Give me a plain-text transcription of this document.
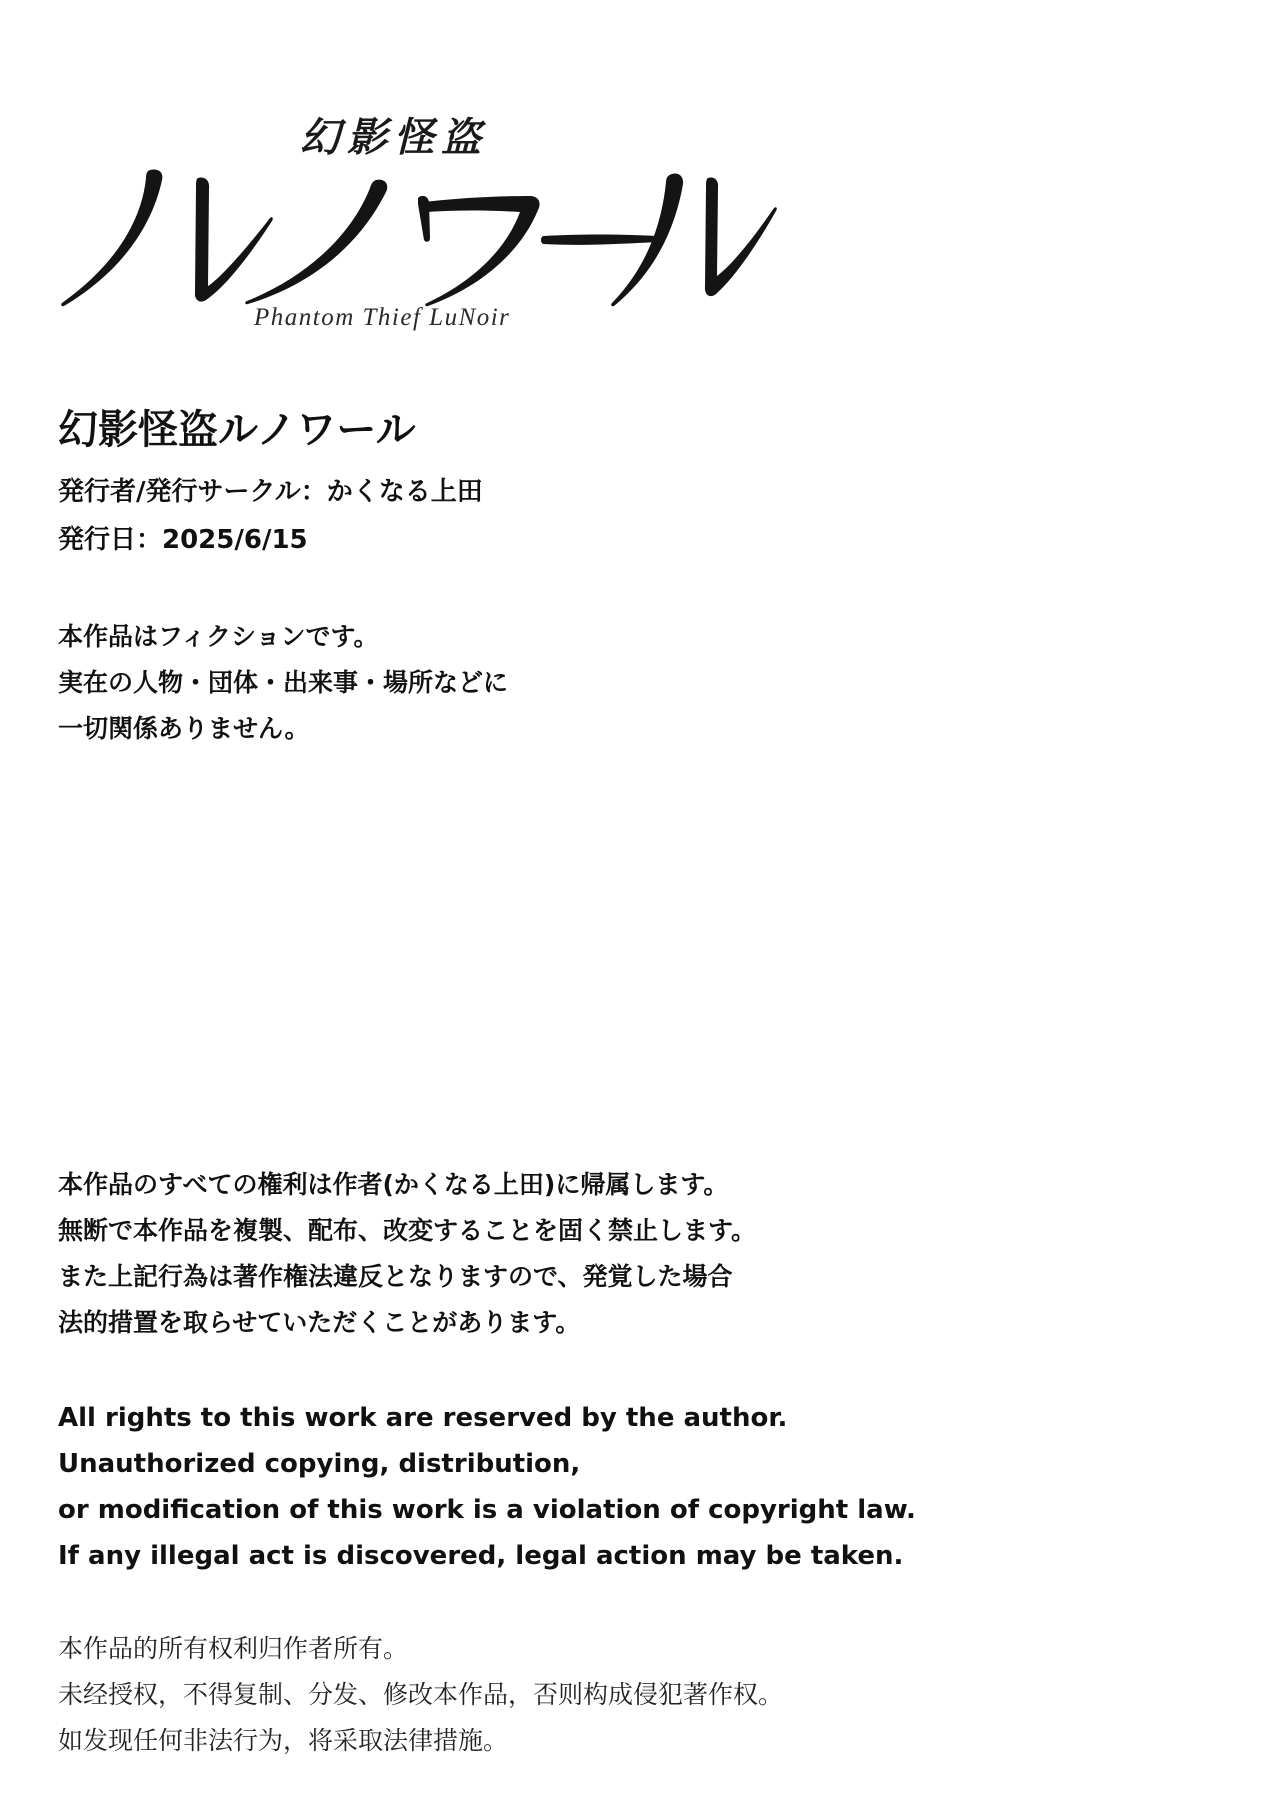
幻影怪盗
Phantom Thief LuNoir
幻影怪盗ルノワール
発行者/発行サークル：かくなる上田
発行日：2025/6/15
本作品はフィクションです。
実在の人物・団体・出来事・場所などに
一切関係ありません。
本作品のすべての権利は作者(かくなる上田)に帰属します。
無断で本作品を複製、配布、改変することを固く禁止します。
また上記行為は著作権法違反となりますので、発覚した場合
法的措置を取らせていただくことがあります。
All rights to this work are reserved by the author.
Unauthorized copying, distribution,
or modification of this work is a violation of copyright law.
If any illegal act is discovered, legal action may be taken.
本作品的所有权利归作者所有。
未经授权，不得复制、分发、修改本作品，否则构成侵犯著作权。
如发现任何非法行为，将采取法律措施。
